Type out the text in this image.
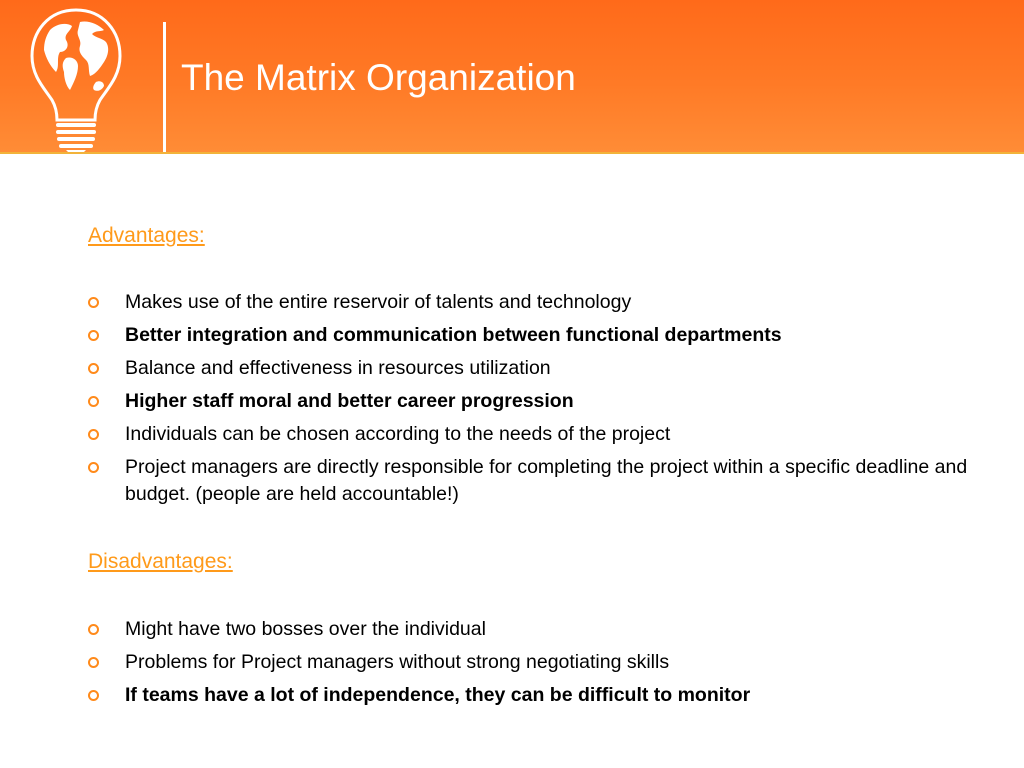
The Matrix Organization
Advantages:
Makes use of the entire reservoir of talents and technology
Better integration and communication between functional departments
Balance and effectiveness in resources utilization
Higher staff moral and better career progression
Individuals can be chosen according to the needs of the project
Project managers are directly responsible for completing the project within a specific deadline and budget. (people are held accountable!)
Disadvantages:
Might have two bosses over the individual
Problems for Project managers without strong negotiating skills
If teams have a lot of independence, they can be difficult to monitor
